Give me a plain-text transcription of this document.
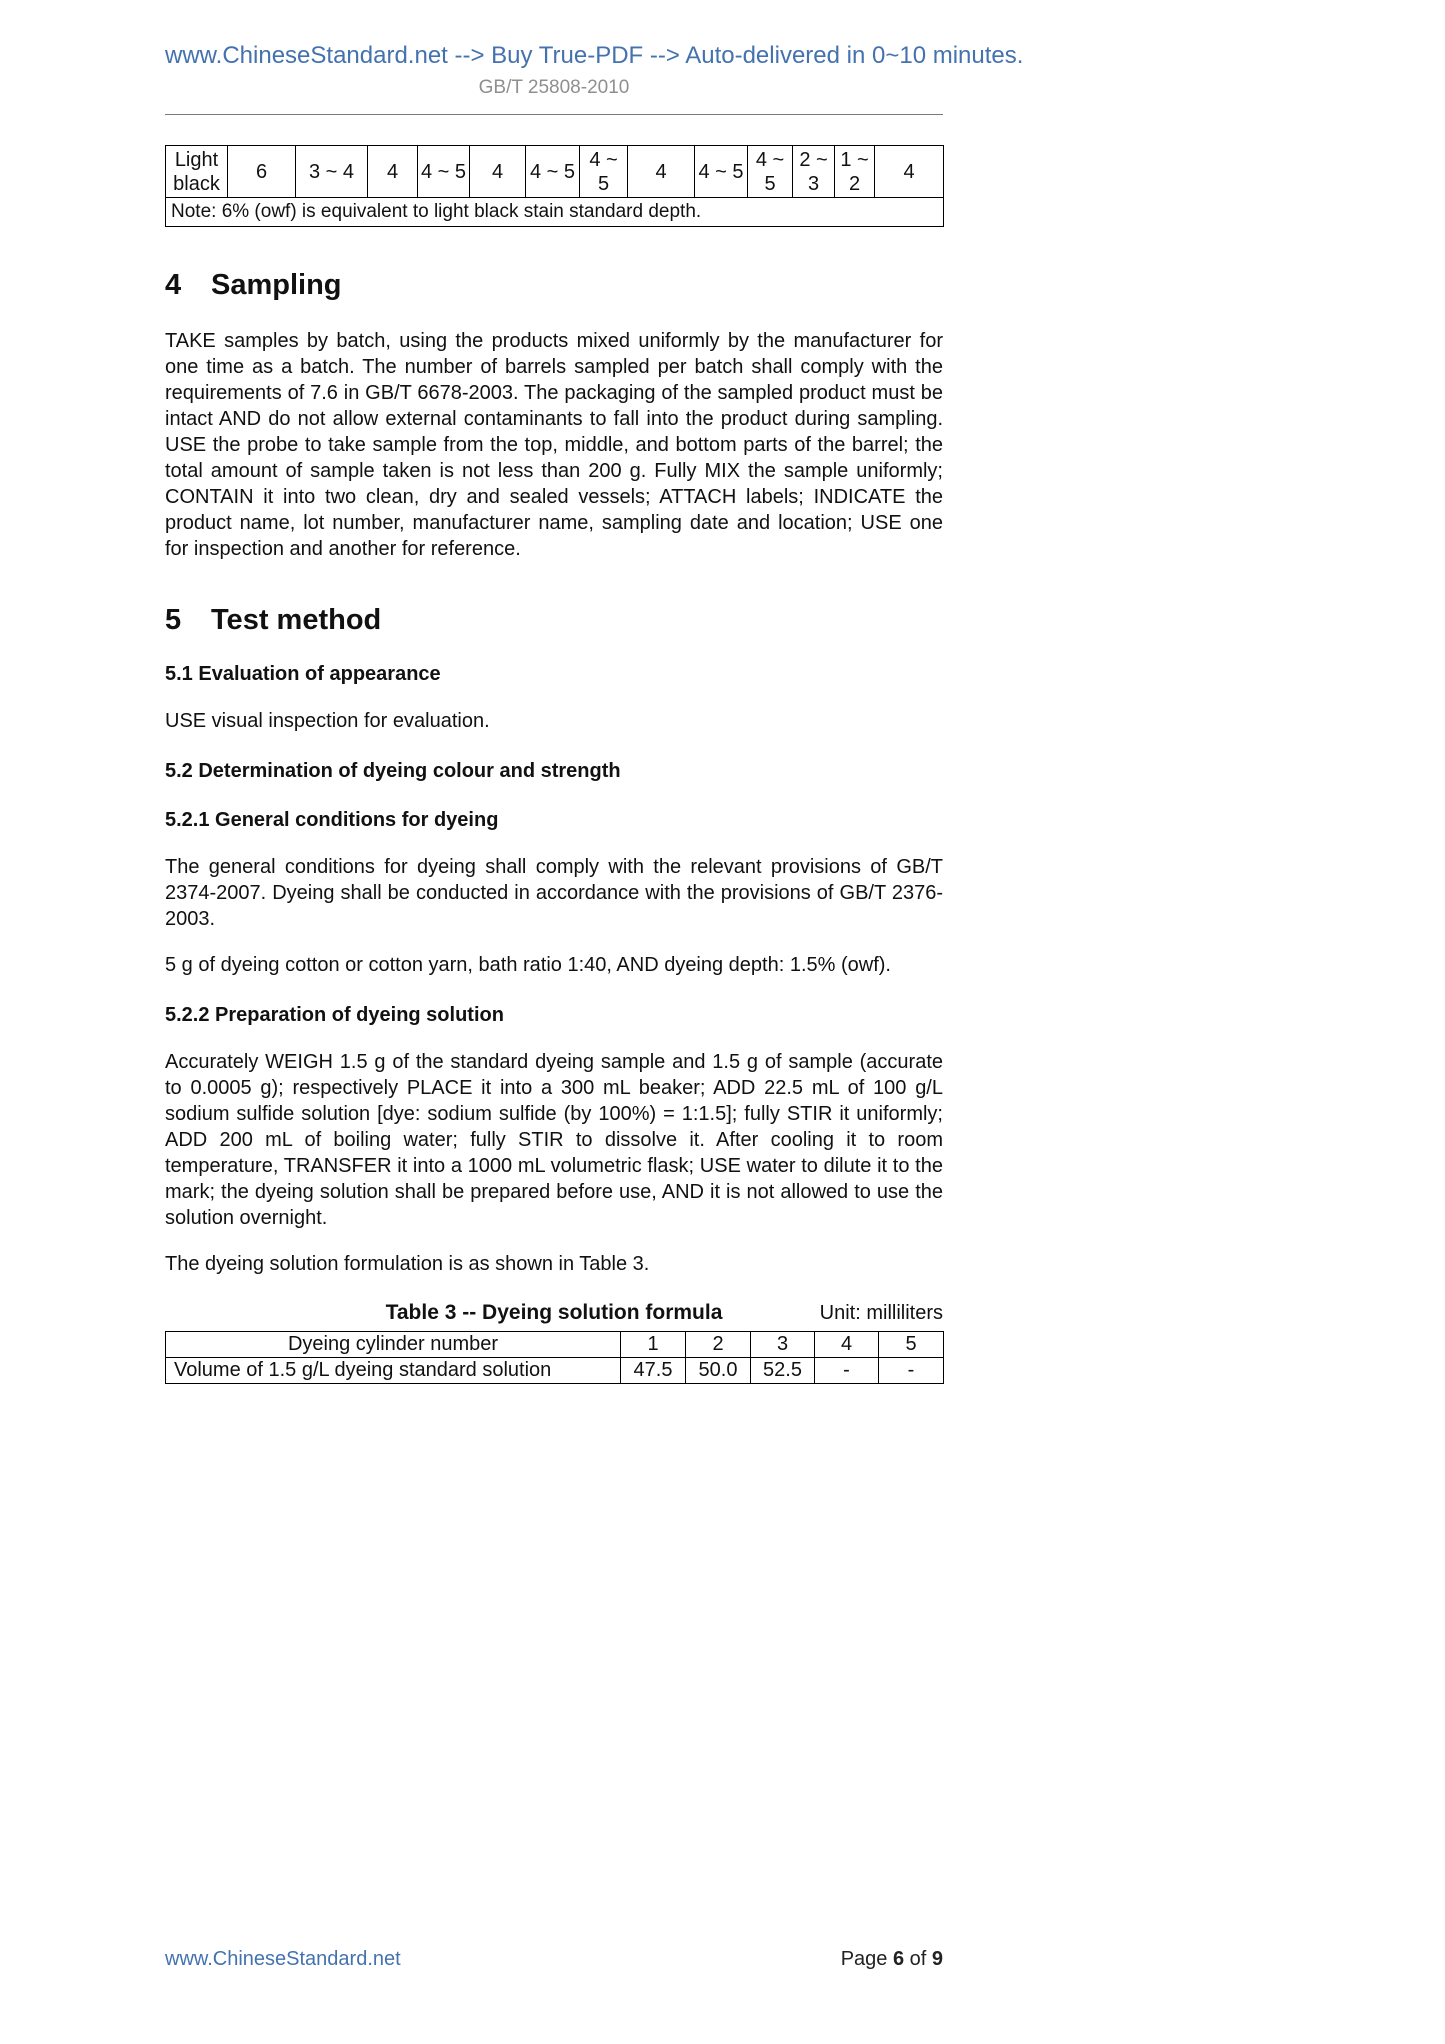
www.ChineseStandard.net --> Buy True-PDF --> Auto-delivered in 0~10 minutes.
GB/T 25808-2010
Light black	6	3 ~ 4	4	4 ~ 5	4	4 ~ 5	4 ~ 5	4	4 ~ 5	4 ~ 5	2 ~ 3	1 ~ 2	4
Note: 6% (owf) is equivalent to light black stain standard depth.
4 Sampling

TAKE samples by batch, using the products mixed uniformly by the manufacturer for one time as a batch. The number of barrels sampled per batch shall comply with the requirements of 7.6 in GB/T 6678-2003. The packaging of the sampled product must be intact AND do not allow external contaminants to fall into the product during sampling. USE the probe to take sample from the top, middle, and bottom parts of the barrel; the total amount of sample taken is not less than 200 g. Fully MIX the sample uniformly; CONTAIN it into two clean, dry and sealed vessels; ATTACH labels; INDICATE the product name, lot number, manufacturer name, sampling date and location; USE one for inspection and another for reference.

5 Test method
5.1 Evaluation of appearance

USE visual inspection for evaluation.

5.2 Determination of dyeing colour and strength
5.2.1 General conditions for dyeing

The general conditions for dyeing shall comply with the relevant provisions of GB/T 2374-2007. Dyeing shall be conducted in accordance with the provisions of GB/T 2376-2003.

5 g of dyeing cotton or cotton yarn, bath ratio 1:40, AND dyeing depth: 1.5% (owf).

5.2.2 Preparation of dyeing solution

Accurately WEIGH 1.5 g of the standard dyeing sample and 1.5 g of sample (accurate to 0.0005 g); respectively PLACE it into a 300 mL beaker; ADD 22.5 mL of 100 g/L sodium sulfide solution [dye: sodium sulfide (by 100%) = 1:1.5]; fully STIR it uniformly; ADD 200 mL of boiling water; fully STIR to dissolve it. After cooling it to room temperature, TRANSFER it into a 1000 mL volumetric flask; USE water to dilute it to the mark; the dyeing solution shall be prepared before use, AND it is not allowed to use the solution overnight.

The dyeing solution formulation is as shown in Table 3.

Table 3 -- Dyeing solution formula	Unit: milliliters
Dyeing cylinder number	1	2	3	4	5
Volume of 1.5 g/L dyeing standard solution	47.5	50.0	52.5	-	-
www.ChineseStandard.net	Page 6 of 9
